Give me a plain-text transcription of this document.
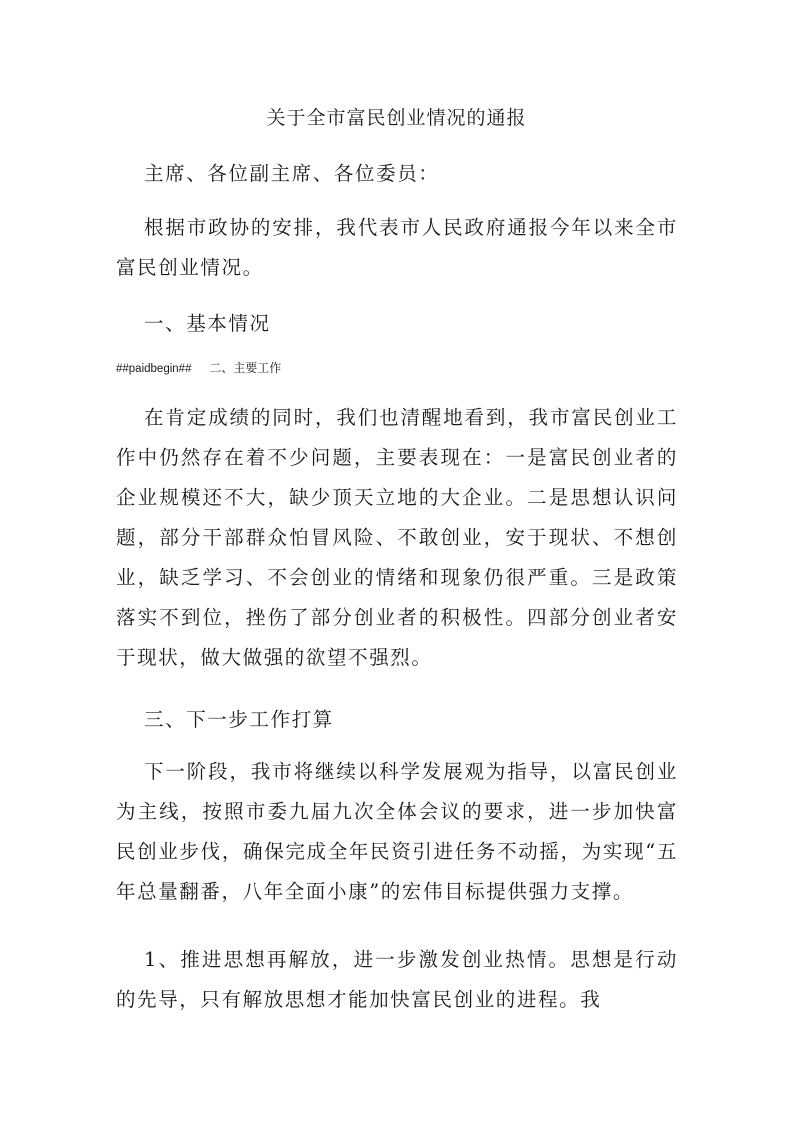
关于全市富民创业情况的通报

主席、各位副主席、各位委员：

根据市政协的安排，我代表市人民政府通报今年以来全市富民创业情况。

一、基本情况

##paidbegin## 二、主要工作

在肯定成绩的同时，我们也清醒地看到，我市富民创业工作中仍然存在着不少问题，主要表现在：一是富民创业者的企业规模还不大，缺少顶天立地的大企业。二是思想认识问题，部分干部群众怕冒风险、不敢创业，安于现状、不想创业，缺乏学习、不会创业的情绪和现象仍很严重。三是政策落实不到位，挫伤了部分创业者的积极性。四部分创业者安于现状，做大做强的欲望不强烈。

三、下一步工作打算

下一阶段，我市将继续以科学发展观为指导，以富民创业为主线，按照市委九届九次全体会议的要求，进一步加快富民创业步伐，确保完成全年民资引进任务不动摇，为实现“五年总量翻番，八年全面小康”的宏伟目标提供强力支撑。

1、推进思想再解放，进一步激发创业热情。思想是行动的先导，只有解放思想才能加快富民创业的进程。我
